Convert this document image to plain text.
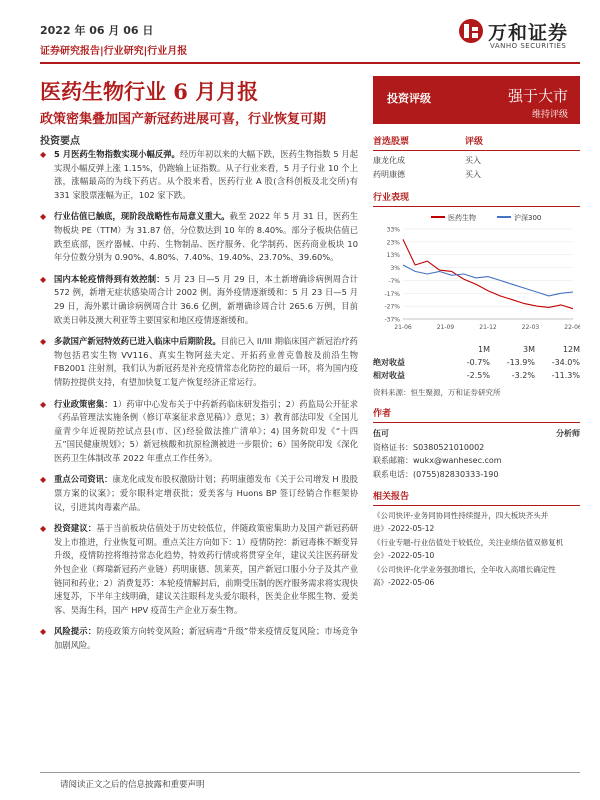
2022 年 06 月 06 日
证券研究报告|行业研究|行业月报
万和证券
VANHO SECURITIES
医药生物行业 6 月月报
政策密集叠加国产新冠药进展可喜，行业恢复可期
投资要点
◆ 5 月医药生物指数实现小幅反弹。经历年初以来的大幅下跌，医药生物指数 5 月起实现小幅反弹上涨 1.15%，仍跑输上证指数。从子行业来看，5 月子行业 10 个上涨，涨幅最高的为线下药店。从个股来看，医药行业 A 股(含科创板及北交所)有 331 家股票涨幅为正，102 家下跌。
◆ 行业估值已触底，现阶段战略性布局意义重大。截至 2022 年 5 月 31 日，医药生物板块 PE（TTM）为 31.87 倍，分位数达到 10 年的 8.40%。部分子板块估值已跌至底部，医疗器械、中药、生物制品、医疗服务、化学制药、医药商业板块 10 年分位数分别为 0.90%、4.80%、7.40%、19.40%、23.70%、39.60%。
◆ 国内本轮疫情得到有效控制：5 月 23 日—5 月 29 日，本土新增确诊病例周合计 572 例，新增无症状感染周合计 2002 例。海外疫情逐渐缓和：5 月 23 日—5 月 29 日，海外累计确诊病例周合计 36.6 亿例，新增确诊周合计 265.6 万例，目前欧美日韩及澳大利亚等主要国家和地区疫情逐渐缓和。
◆ 多款国产新冠特效药已进入临床中后期阶段。目前已入 II/III 期临床国产新冠治疗药物包括君实生物 VV116、真实生物阿兹夫定、开拓药业普克鲁胺及前沿生物 FB2001 注射剂，我们认为新冠药是补充疫情常态化防控的最后一环，将为国内疫情防控提供支持，有望加快复工复产恢复经济正常运行。
◆ 行业政策密集：1）药审中心发布关于中药新药临床研发指引；2）药监局公开征求《药品管理法实施条例（修订草案征求意见稿）》意见；3）教育部法印发《全国儿童青少年近视防控试点县(市、区)经验做法推广清单》；4) 国务院印发《“十四五”国民健康规划》；5）新冠核酸和抗原检测被进一步限价；6）国务院印发《深化医药卫生体制改革 2022 年重点工作任务》。
◆ 重点公司资讯：康龙化成发布股权激励计划；药明康德发布《关于公司增发 H 股股票方案的议案》；爱尔眼科定增获批；爱美客与 Huons BP 签订经销合作框架协议，引进其肉毒素产品。
◆ 投资建议：基于当前板块估值处于历史较低位，伴随政策密集助力及国产新冠药研发上市推进，行业恢复可期。重点关注方向如下：1）疫情防控：新冠毒株不断变异升级，疫情防控将维持常态化趋势，特效药行情或将贯穿全年，建议关注医药研发外包企业（辉瑞新冠药产业链）药明康德、凯莱英，国产新冠口服小分子及其产业链同和药业；2）消费复苏：本轮疫情解封后，前期受压制的医疗服务需求将实现快速复苏，下半年主线明确，建议关注眼科龙头爱尔眼科，医美企业华熙生物、爱美客、昊海生科，国产 HPV 疫苗生产企业万泰生物。
◆ 风险提示：防疫政策方向转变风险；新冠病毒“升级”带来疫情反复风险；市场竞争加剧风险。
投资评级	强于大市
维持评级
首选股票	评级
康龙化成	买入
药明康德	买入
行业表现
医药生物	沪深300
33%
23%
13%
3%
-7%
-17%
-27%
-37%
21-06	21-09	21-12	22-03	22-06
1M	3M	12M
绝对收益	-0.7%	-13.9%	-34.0%
相对收益	-2.5%	-3.2%	-11.3%
资料来源：恒生聚源，万和证券研究所
作者
伍可	分析师
资格证书：S0380521010002
联系邮箱：wukx@wanhesec.com
联系电话：(0755)82830333-190
相关报告

《公司快评-业务同协同性持续提升，四大板块齐头并进》-2022-05-12

《行业专题-行业估值处于较低位，关注业绩估值双修复机会》-2022-05-10

《公司快评-化学业务强劲增长，全年收入高增长确定性高》-2022-05-06

请阅读正文之后的信息披露和重要声明
